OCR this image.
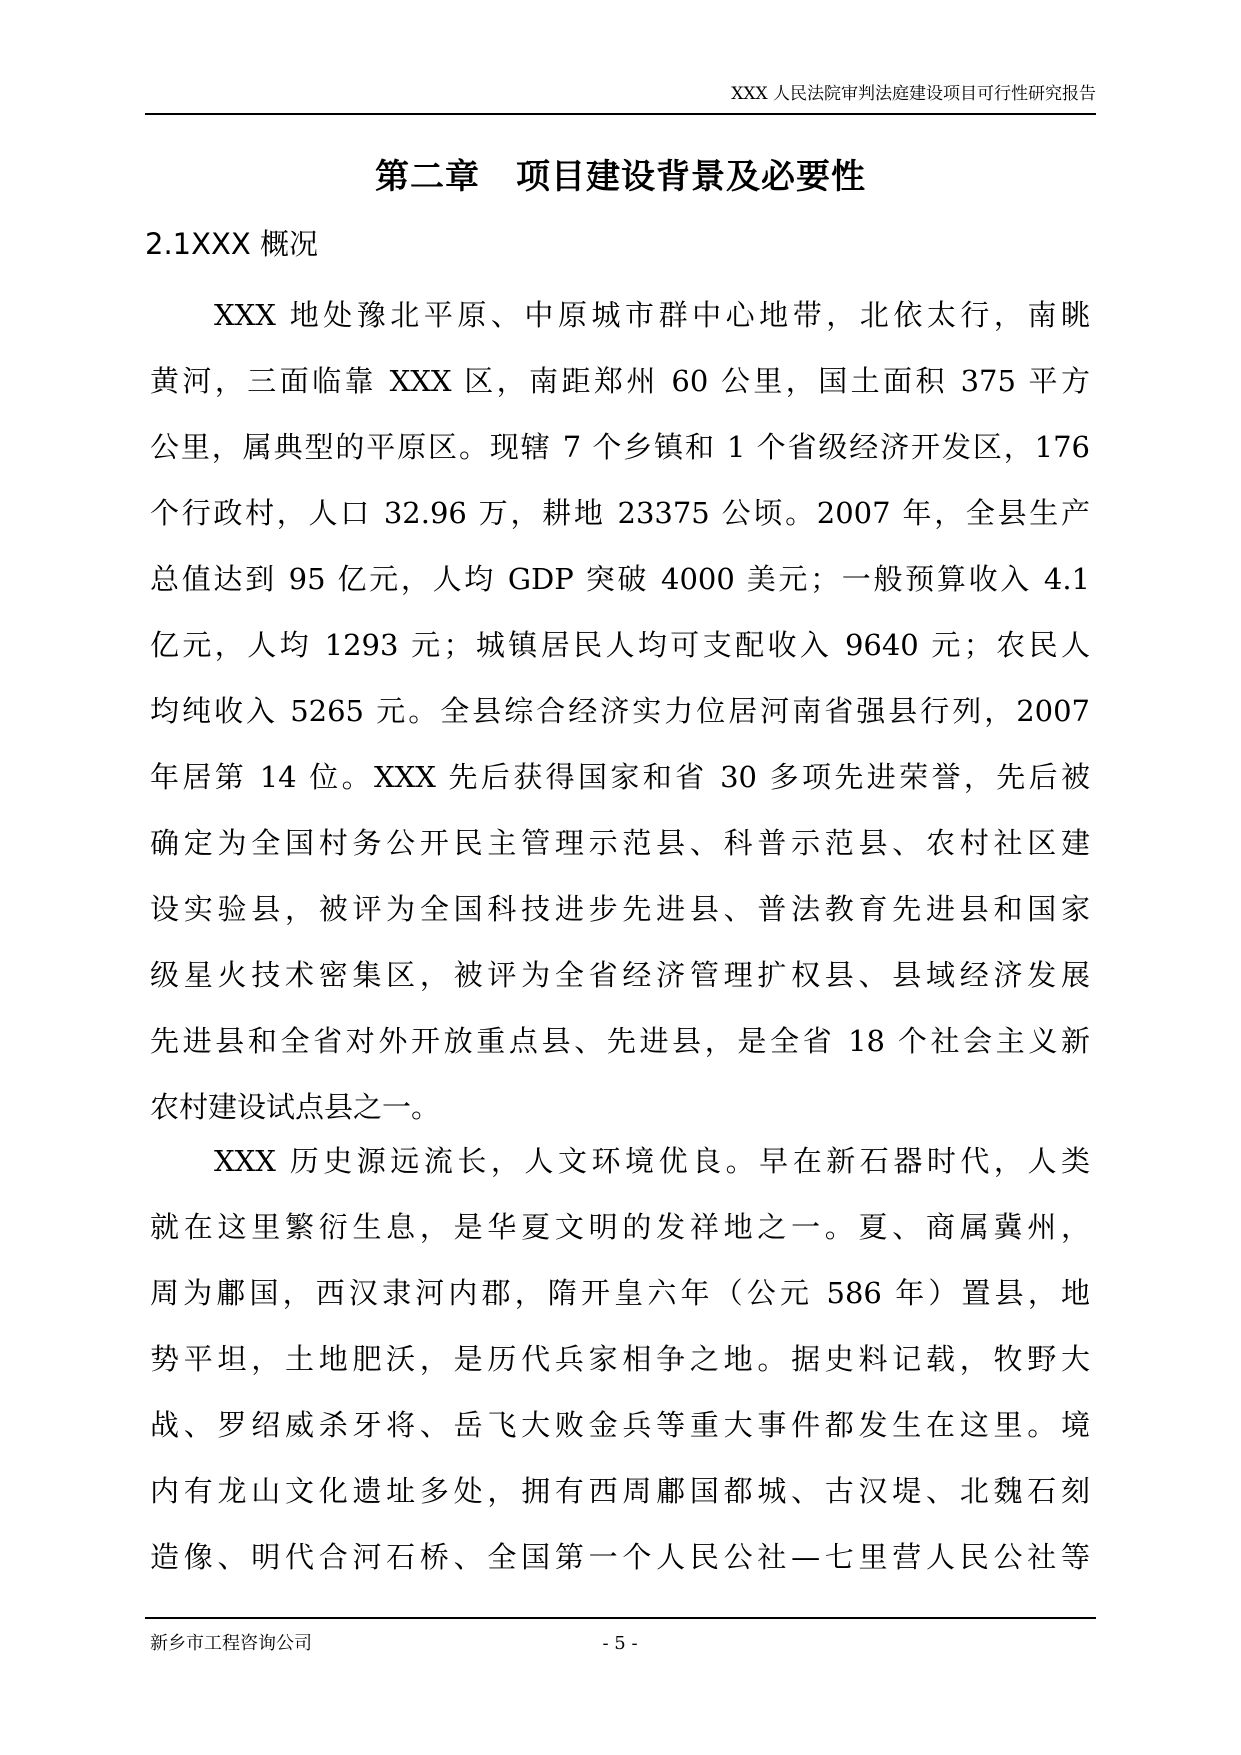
XXX 人民法院审判法庭建设项目可行性研究报告
第二章 项目建设背景及必要性
2.1XXX 概况
XXX 地处豫北平原、中原城市群中心地带，北依太行，南眺
黄河，三面临靠 XXX 区，南距郑州 60 公里，国土面积 375 平方
公里，属典型的平原区。现辖 7 个乡镇和 1 个省级经济开发区，176
个行政村，人口 32.96 万，耕地 23375 公顷。2007 年，全县生产
总值达到 95 亿元，人均 GDP 突破 4000 美元；一般预算收入 4.1
亿元，人均 1293 元；城镇居民人均可支配收入 9640 元；农民人
均纯收入 5265 元。全县综合经济实力位居河南省强县行列，2007
年居第 14 位。XXX 先后获得国家和省 30 多项先进荣誉，先后被
确定为全国村务公开民主管理示范县、科普示范县、农村社区建
设实验县，被评为全国科技进步先进县、普法教育先进县和国家
级星火技术密集区，被评为全省经济管理扩权县、县域经济发展
先进县和全省对外开放重点县、先进县，是全省 18 个社会主义新
农村建设试点县之一。
XXX 历史源远流长，人文环境优良。早在新石器时代，人类
就在这里繁衍生息，是华夏文明的发祥地之一。夏、商属冀州，
周为鄘国，西汉隶河内郡，隋开皇六年（公元 586 年）置县，地
势平坦，土地肥沃，是历代兵家相争之地。据史料记载，牧野大
战、罗绍威杀牙将、岳飞大败金兵等重大事件都发生在这里。境
内有龙山文化遗址多处，拥有西周鄘国都城、古汉堤、北魏石刻
造像、明代合河石桥、全国第一个人民公社—七里营人民公社等
新乡市工程咨询公司	- 5 -
